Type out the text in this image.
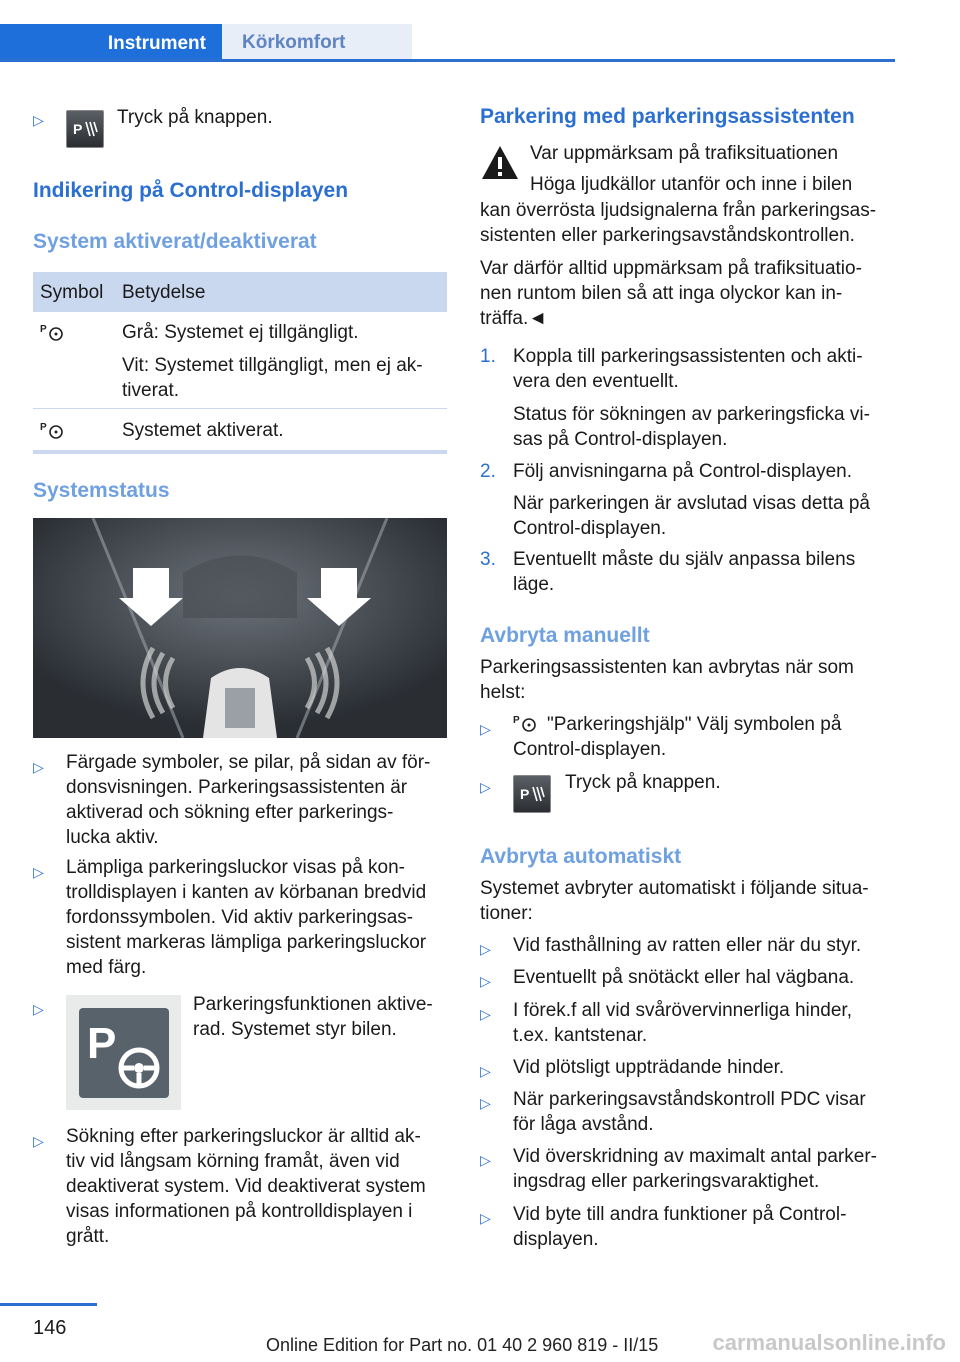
Instrument	Körkomfort
▷
P
Tryck på knappen.
Indikering på Control-displayen
System aktiverat/deaktiverat
Symbol Betydelse
P	Grå: Systemet ej tillgängligt.
Vit: Systemet tillgängligt, men ej ak-
tiverat.
P	Systemet aktiverat.
Systemstatus
▷ Färgade symboler, se pilar, på sidan av för-
donsvisningen. Parkeringsassistenten är
aktiverad och sökning efter parkerings-
lucka aktiv.
▷ Lämpliga parkeringsluckor visas på kon-
trolldisplayen i kanten av körbanan bredvid
fordonssymbolen. Vid aktiv parkeringsas-
sistent markeras lämpliga parkeringsluckor
med färg.
▷
P
Parkeringsfunktionen aktive-
rad. Systemet styr bilen.
▷ Sökning efter parkeringsluckor är alltid ak-
tiv vid långsam körning framåt, även vid
deaktiverat system. Vid deaktiverat system
visas informationen på kontrolldisplayen i
grått.
Parkering med parkeringsassistenten
Var uppmärksam på trafiksituationen
Höga ljudkällor utanför och inne i bilen
kan överrösta ljudsignalerna från parkeringsas-
sistenten eller parkeringsavståndskontrollen.
Var därför alltid uppmärksam på trafiksituatio-
nen runtom bilen så att inga olyckor kan in-
träffa.◄
1. Koppla till parkeringsassistenten och akti-
vera den eventuellt.
Status för sökningen av parkeringsficka vi-
sas på Control-displayen.
2. Följ anvisningarna på Control-displayen.
När parkeringen är avslutad visas detta på
Control-displayen.
3. Eventuellt måste du själv anpassa bilens
läge.
Avbryta manuellt
Parkeringsassistenten kan avbrytas när som
helst:
▷
P "Parkeringshjälp" Välj symbolen på
Control-displayen.
▷ P
Tryck på knappen.
Avbryta automatiskt
Systemet avbryter automatiskt i följande situa-
tioner:
▷ Vid fasthållning av ratten eller när du styr.
▷ Eventuellt på snötäckt eller hal vägbana.
▷ I förek.f all vid svårövervinnerliga hinder,
t.ex. kantstenar.
▷ Vid plötsligt uppträdande hinder.
▷ När parkeringsavståndskontroll PDC visar
för låga avstånd.
▷ Vid överskridning av maximalt antal parker-
ingsdrag eller parkeringsvaraktighet.
▷ Vid byte till andra funktioner på Control-
displayen.
146
Online Edition for Part no. 01 40 2 960 819 - II/15 carmanualsonline.info
